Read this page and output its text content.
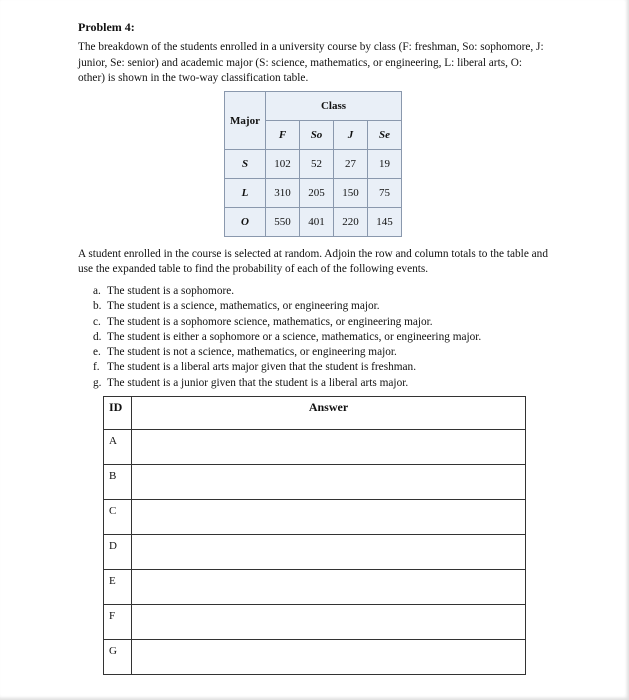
Problem 4:
The breakdown of the students enrolled in a university course by class (F: freshman, So: sophomore, J: junior, Se: senior) and academic major (S: science, mathematics, or engineering, L: liberal arts, O: other) is shown in the two-way classification table.
Major	Class			
	F	So	J	Se
S	102	52	27	19
L	310	205	150	75
O	550	401	220	145
A student enrolled in the course is selected at random. Adjoin the row and column totals to the table and use the expanded table to find the probability of each of the following events.
a. The student is a sophomore.
b. The student is a science, mathematics, or engineering major.
c. The student is a sophomore science, mathematics, or engineering major.
d. The student is either a sophomore or a science, mathematics, or engineering major.
e. The student is not a science, mathematics, or engineering major.
f. The student is a liberal arts major given that the student is freshman.
g. The student is a junior given that the student is a liberal arts major.
ID	Answer
A	
B	
C	
D	
E	
F	
G	
